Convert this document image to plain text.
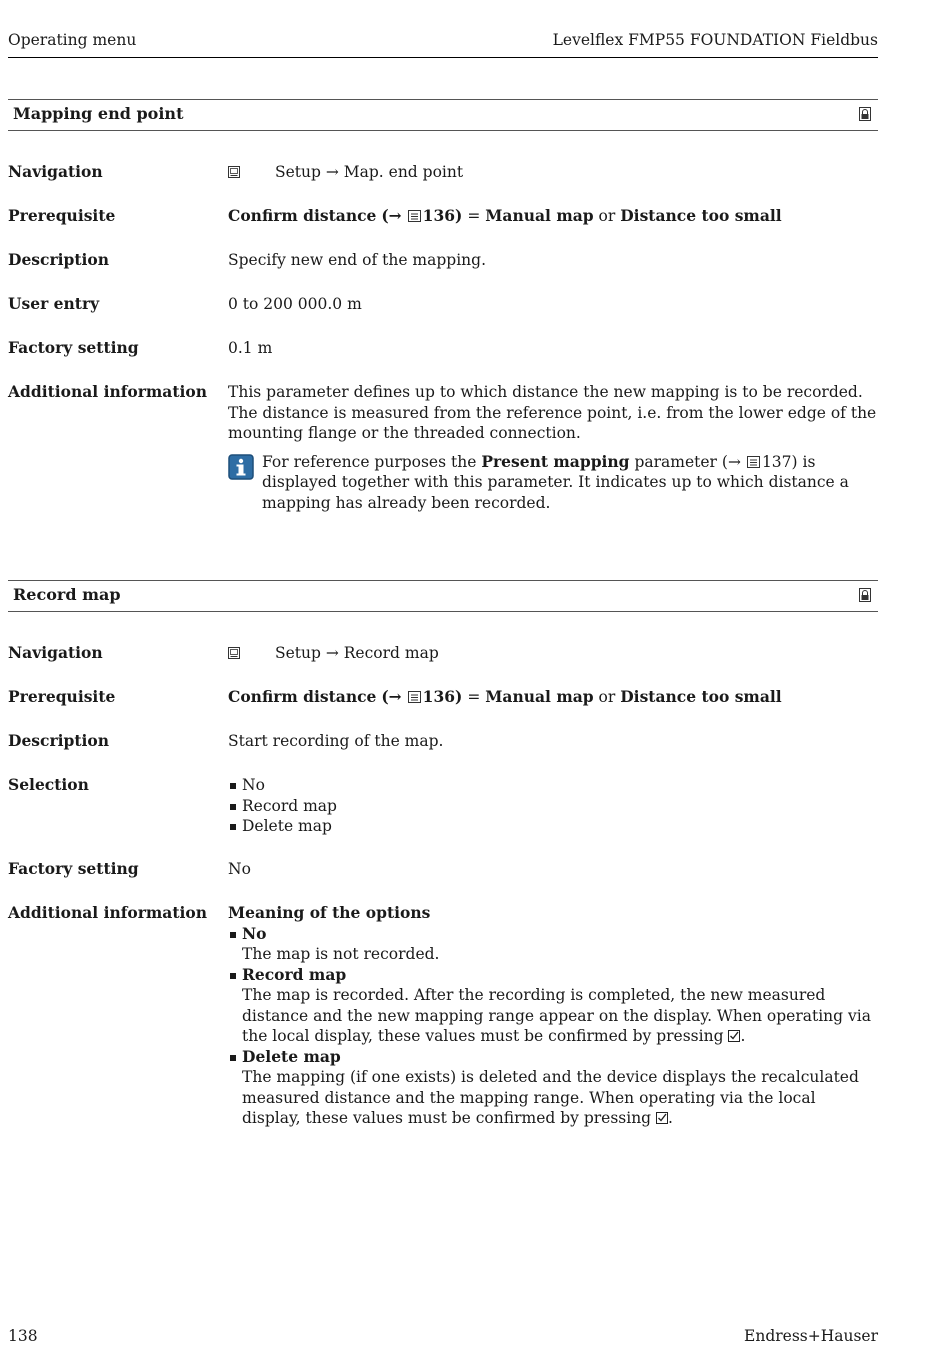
Operating menu	Levelflex FMP55 FOUNDATION Fieldbus
Mapping end point
Navigation	Setup → Map. end point
Prerequisite	Confirm distance (→ 136) = Manual map or Distance too small
Description	Specify new end of the mapping.
User entry	0 to 200 000.0 m
Factory setting	0.1 m
Additional information This parameter defines up to which distance the new mapping is to be recorded. The distance is measured from the reference point, i.e. from the lower edge of the mounting flange or the threaded connection.
For reference purposes the Present mapping parameter (→ 137) is displayed together with this parameter. It indicates up to which distance a mapping has already been recorded.
Record map
Navigation	Setup → Record map
Prerequisite	Confirm distance (→ 136) = Manual map or Distance too small
Description	Start recording of the map.
Selection	No
Record map
Delete map
Factory setting	No
Additional information Meaning of the options
No
The map is not recorded.
Record map
The map is recorded. After the recording is completed, the new measured distance and the new mapping range appear on the display. When operating via the local display, these values must be confirmed by pressing .
Delete map
The mapping (if one exists) is deleted and the device displays the recalculated measured distance and the mapping range. When operating via the local display, these values must be confirmed by pressing .
138	Endress+Hauser
